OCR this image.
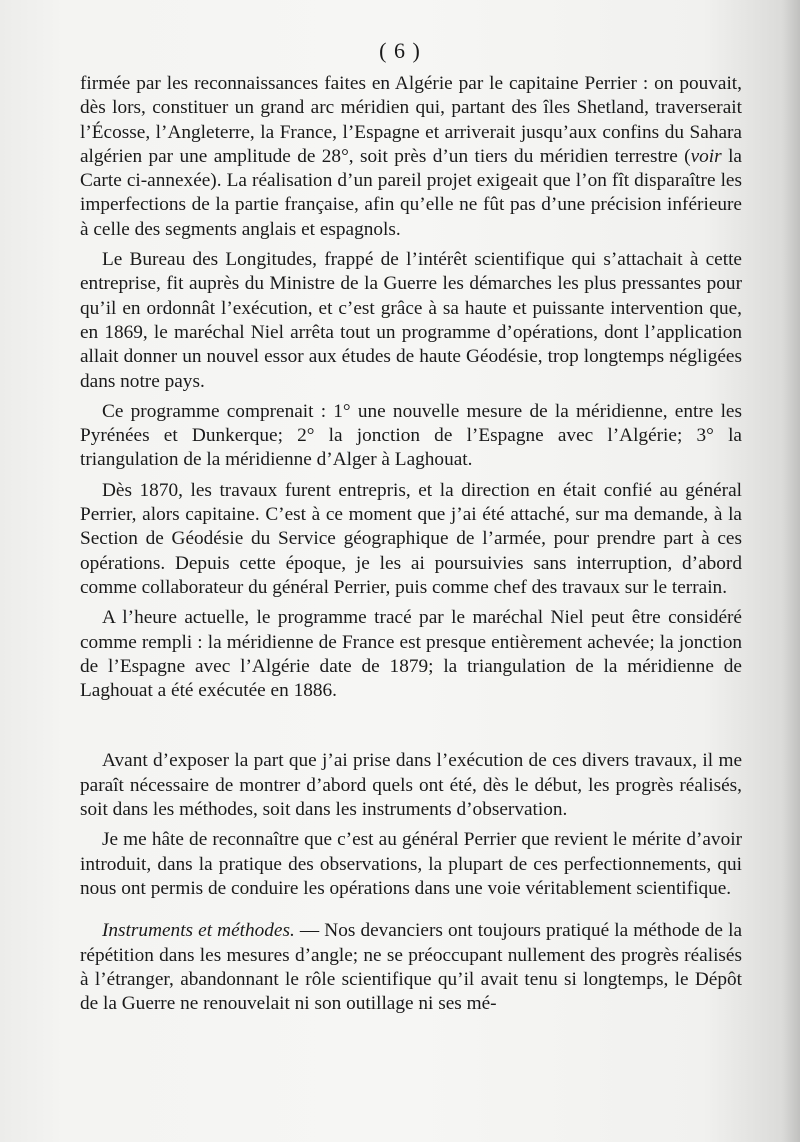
( 6 )

firmée par les reconnaissances faites en Algérie par le capitaine Perrier : on pouvait, dès lors, constituer un grand arc méridien qui, partant des îles Shetland, traverserait l’Écosse, l’Angleterre, la France, l’Espagne et arriverait jusqu’aux confins du Sahara algérien par une amplitude de 28°, soit près d’un tiers du méridien terrestre (voir la Carte ci-annexée). La réalisation d’un pareil projet exigeait que l’on fît disparaître les imperfections de la partie française, afin qu’elle ne fût pas d’une précision inférieure à celle des segments anglais et espagnols.

Le Bureau des Longitudes, frappé de l’intérêt scientifique qui s’attachait à cette entreprise, fit auprès du Ministre de la Guerre les démarches les plus pressantes pour qu’il en ordonnât l’exécution, et c’est grâce à sa haute et puissante intervention que, en 1869, le maréchal Niel arrêta tout un programme d’opérations, dont l’application allait donner un nouvel essor aux études de haute Géodésie, trop longtemps négligées dans notre pays.

Ce programme comprenait : 1° une nouvelle mesure de la méridienne, entre les Pyrénées et Dunkerque; 2° la jonction de l’Espagne avec l’Algérie; 3° la triangulation de la méridienne d’Alger à Laghouat.

Dès 1870, les travaux furent entrepris, et la direction en était confié au général Perrier, alors capitaine. C’est à ce moment que j’ai été attaché, sur ma demande, à la Section de Géodésie du Service géographique de l’armée, pour prendre part à ces opérations. Depuis cette époque, je les ai poursuivies sans interruption, d’abord comme collaborateur du général Perrier, puis comme chef des travaux sur le terrain.

A l’heure actuelle, le programme tracé par le maréchal Niel peut être considéré comme rempli : la méridienne de France est presque entièrement achevée; la jonction de l’Espagne avec l’Algérie date de 1879; la triangulation de la méridienne de Laghouat a été exécutée en 1886.

Avant d’exposer la part que j’ai prise dans l’exécution de ces divers travaux, il me paraît nécessaire de montrer d’abord quels ont été, dès le début, les progrès réalisés, soit dans les méthodes, soit dans les instruments d’observation.

Je me hâte de reconnaître que c’est au général Perrier que revient le mérite d’avoir introduit, dans la pratique des observations, la plupart de ces perfectionnements, qui nous ont permis de conduire les opérations dans une voie véritablement scientifique.

Instruments et méthodes. — Nos devanciers ont toujours pratiqué la méthode de la répétition dans les mesures d’angle; ne se préoccupant nullement des progrès réalisés à l’étranger, abandonnant le rôle scientifique qu’il avait tenu si longtemps, le Dépôt de la Guerre ne renouvelait ni son outillage ni ses mé-
